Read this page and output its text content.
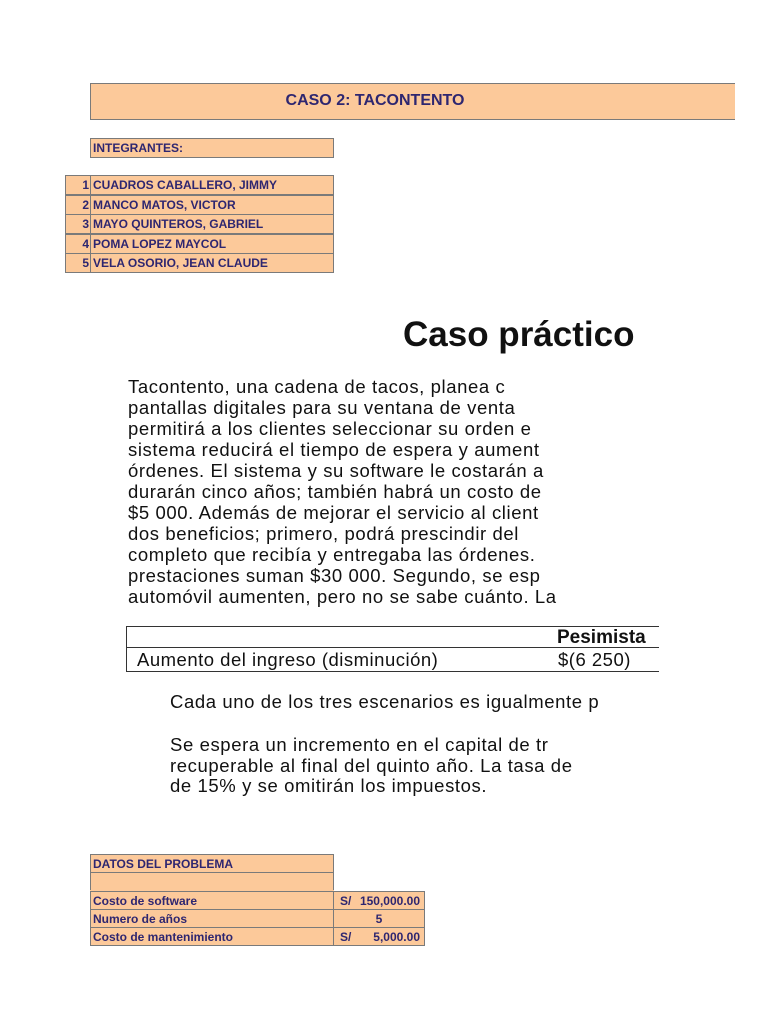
CASO 2: TACONTENTO
INTEGRANTES:
1 CUADROS CABALLERO, JIMMY
2 MANCO MATOS, VICTOR
3 MAYO QUINTEROS, GABRIEL
4 POMA LOPEZ MAYCOL
5 VELA OSORIO, JEAN CLAUDE
Caso práctico
Tacontento, una cadena de tacos, planea c
pantallas digitales para su ventana de venta
permitirá a los clientes seleccionar su orden e
sistema reducirá el tiempo de espera y aument
órdenes. El sistema y su software le costarán a
durarán cinco años; también habrá un costo de
$5 000. Además de mejorar el servicio al client
dos beneficios; primero, podrá prescindir del
completo que recibía y entregaba las órdenes.
prestaciones suman $30 000. Segundo, se esp
automóvil aumenten, pero no se sabe cuánto. La
Pesimista
Aumento del ingreso (disminución)	$(6 250)
Cada uno de los tres escenarios es igualmente p
Se espera un incremento en el capital de tr
recuperable al final del quinto año. La tasa de
de 15% y se omitirán los impuestos.
DATOS DEL PROBLEMA
Costo de software	S/ 150,000.00
Numero de años	5
Costo de mantenimiento	S/ 5,000.00
